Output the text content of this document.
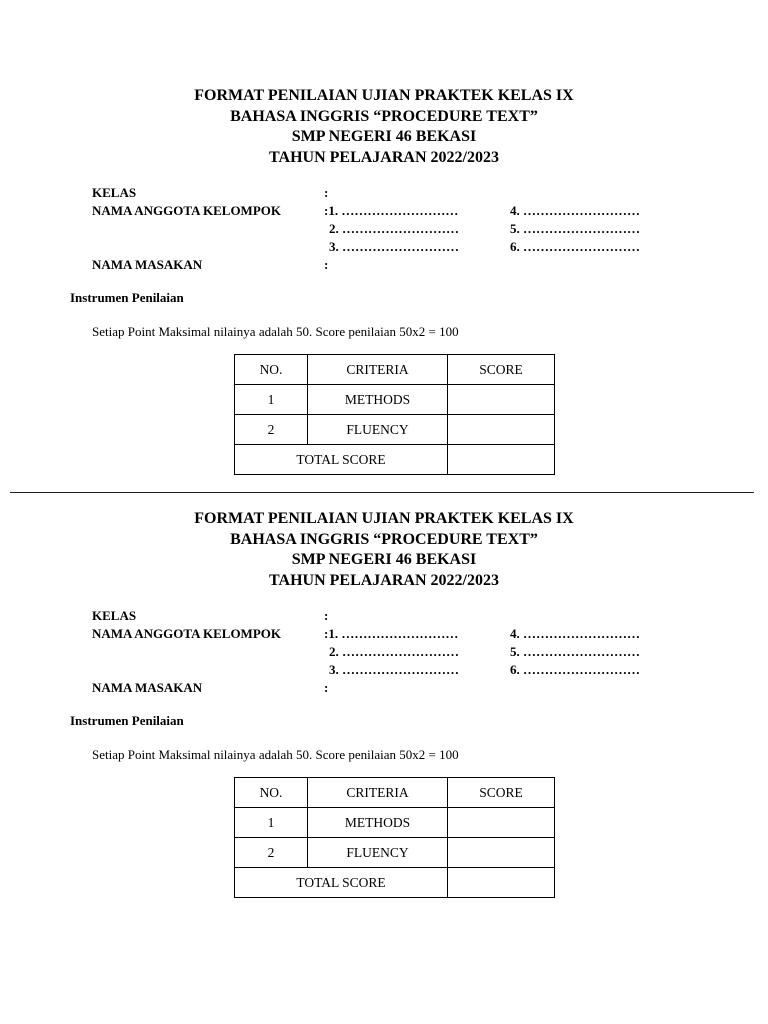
FORMAT PENILAIAN UJIAN PRAKTEK KELAS IX
BAHASA INGGRIS “PROCEDURE TEXT”
SMP NEGERI 46 BEKASI
TAHUN PELAJARAN 2022/2023
KELAS	:
NAMA ANGGOTA KELOMPOK	:1. ………………………	4. ………………………
2. ………………………	5. ………………………
3. ………………………	6. ………………………
NAMA MASAKAN	:
Instrumen Penilaian
Setiap Point Maksimal nilainya adalah 50. Score penilaian 50x2 = 100
NO.	CRITERIA	SCORE
1	METHODS	
2	FLUENCY	
TOTAL SCORE		
FORMAT PENILAIAN UJIAN PRAKTEK KELAS IX
BAHASA INGGRIS “PROCEDURE TEXT”
SMP NEGERI 46 BEKASI
TAHUN PELAJARAN 2022/2023
KELAS	:
NAMA ANGGOTA KELOMPOK	:1. ………………………	4. ………………………
2. ………………………	5. ………………………
3. ………………………	6. ………………………
NAMA MASAKAN	:
Instrumen Penilaian
Setiap Point Maksimal nilainya adalah 50. Score penilaian 50x2 = 100
NO.	CRITERIA	SCORE
1	METHODS	
2	FLUENCY	
TOTAL SCORE		
